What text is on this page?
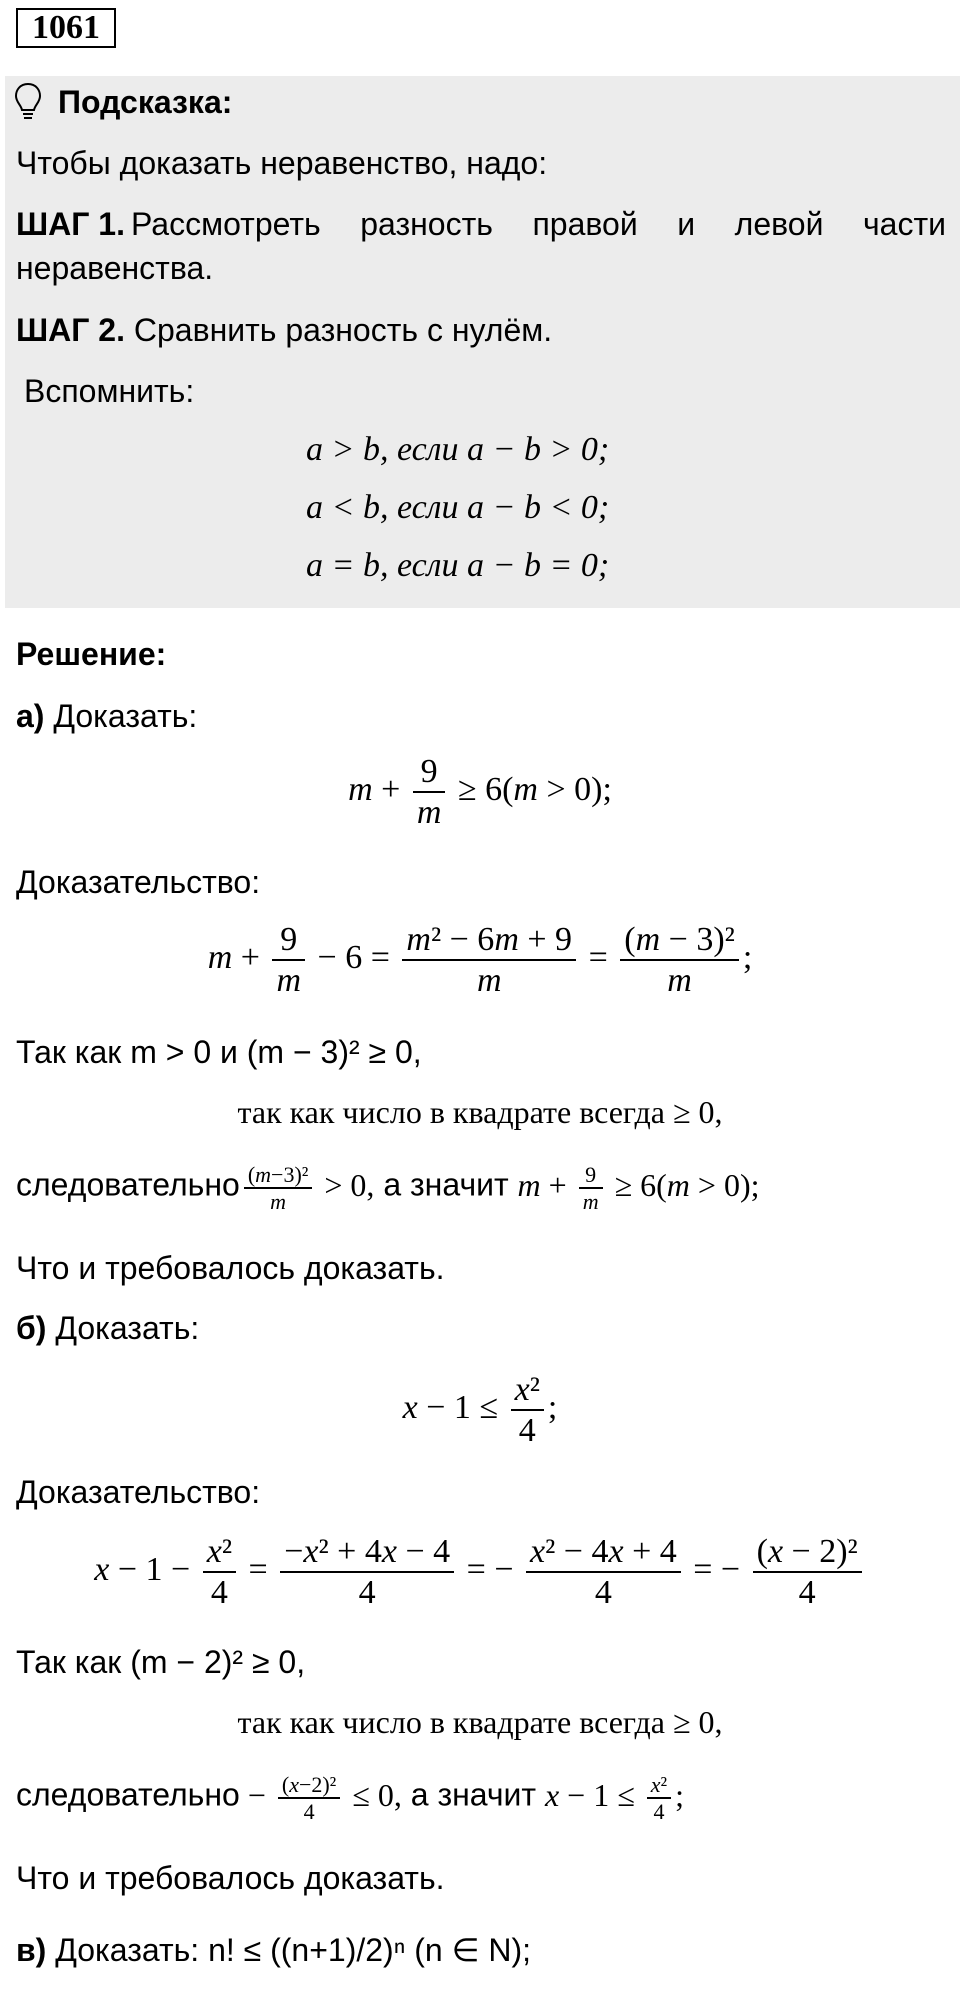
1061
Подсказка:
Чтобы доказать неравенство, надо:
ШАГ 1. Рассмотреть разность правой и левой части
неравенства.
ШАГ 2. Сравнить разность с нулём.
Вспомнить:
a > b, если a − b > 0;
a < b, если a − b < 0;
a = b, если a − b = 0;
Решение:
а) Доказать:
$m + \frac{9}{m} \ge 6(m > 0)$;
Доказательство:
$m + \frac{9}{m} - 6 = \frac{\text{m² − 6m + 9}}{m} = \frac{\text{(m − 3)²}}{m}$ ;
Так как m > 0 и (m − 3)² ≥ 0,
так как число в квадрате всегда ≥ 0,
следовательно $\frac{\text{(m−3)²}}{m} > 0$, а значит $m + \frac{9}{m} \ge 6(m > 0)$;
Что и требовалось доказать.
б) Доказать:
$x - 1 \le \frac{\text{x²}}{4}$ ;
Доказательство:
$x - 1 - \frac{\text{x²}}{4} = \frac{\text{−x² + 4x − 4}}{4}$ = − $\frac{\text{x² − 4x + 4}}{4}$ = − $\frac{\text{(x − 2)²}}{4}$
Так как (m − 2)² ≥ 0,
так как число в квадрате всегда ≥ 0,
следовательно − $\frac{\text{(x−2)²}}{4} \le 0$, а значит $x - 1 \le \frac{\text{x²}}{4}$ ;
Что и требовалось доказать.
в) Доказать: n! ≤ ((n+1)/2)ⁿ (n ∈ N);
